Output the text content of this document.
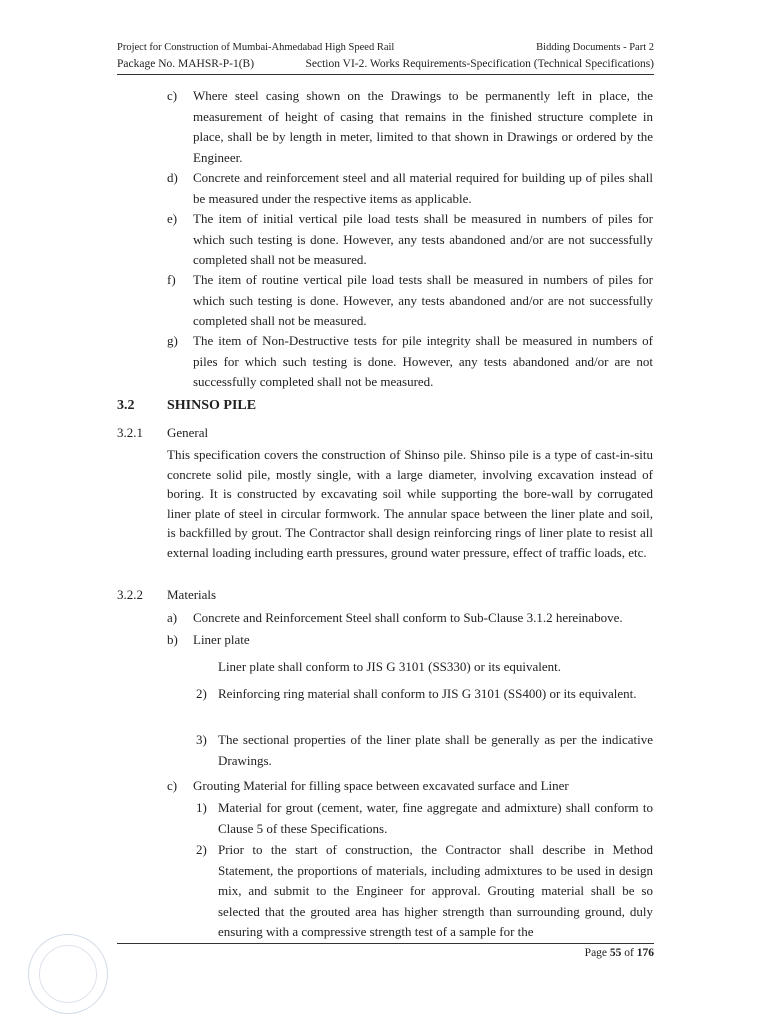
Project for Construction of Mumbai-Ahmedabad High Speed Rail	Bidding Documents - Part 2
Package No. MAHSR-P-1(B)	Section VI-2. Works Requirements-Specification (Technical Specifications)
c) Where steel casing shown on the Drawings to be permanently left in place, the measurement of height of casing that remains in the finished structure complete in place, shall be by length in meter, limited to that shown in Drawings or ordered by the Engineer.
d) Concrete and reinforcement steel and all material required for building up of piles shall be measured under the respective items as applicable.
e) The item of initial vertical pile load tests shall be measured in numbers of piles for which such testing is done. However, any tests abandoned and/or are not successfully completed shall not be measured.
f) The item of routine vertical pile load tests shall be measured in numbers of piles for which such testing is done. However, any tests abandoned and/or are not successfully completed shall not be measured.
g) The item of Non-Destructive tests for pile integrity shall be measured in numbers of piles for which such testing is done. However, any tests abandoned and/or are not successfully completed shall not be measured.
3.2 SHINSO PILE
3.2.1 General
This specification covers the construction of Shinso pile. Shinso pile is a type of cast-in-situ concrete solid pile, mostly single, with a large diameter, involving excavation instead of boring. It is constructed by excavating soil while supporting the bore-wall by corrugated liner plate of steel in circular formwork. The annular space between the liner plate and soil, is backfilled by grout. The Contractor shall design reinforcing rings of liner plate to resist all external loading including earth pressures, ground water pressure, effect of traffic loads, etc.
3.2.2 Materials
a) Concrete and Reinforcement Steel shall conform to Sub-Clause 3.1.2 hereinabove.
b) Liner plate
Liner plate shall conform to JIS G 3101 (SS330) or its equivalent.
2) Reinforcing ring material shall conform to JIS G 3101 (SS400) or its equivalent.
3) The sectional properties of the liner plate shall be generally as per the indicative Drawings.
c) Grouting Material for filling space between excavated surface and Liner
1) Material for grout (cement, water, fine aggregate and admixture) shall conform to Clause 5 of these Specifications.
2) Prior to the start of construction, the Contractor shall describe in Method Statement, the proportions of materials, including admixtures to be used in design mix, and submit to the Engineer for approval. Grouting material shall be so selected that the grouted area has higher strength than surrounding ground, duly ensuring with a compressive strength test of a sample for the
Page 55 of 176
